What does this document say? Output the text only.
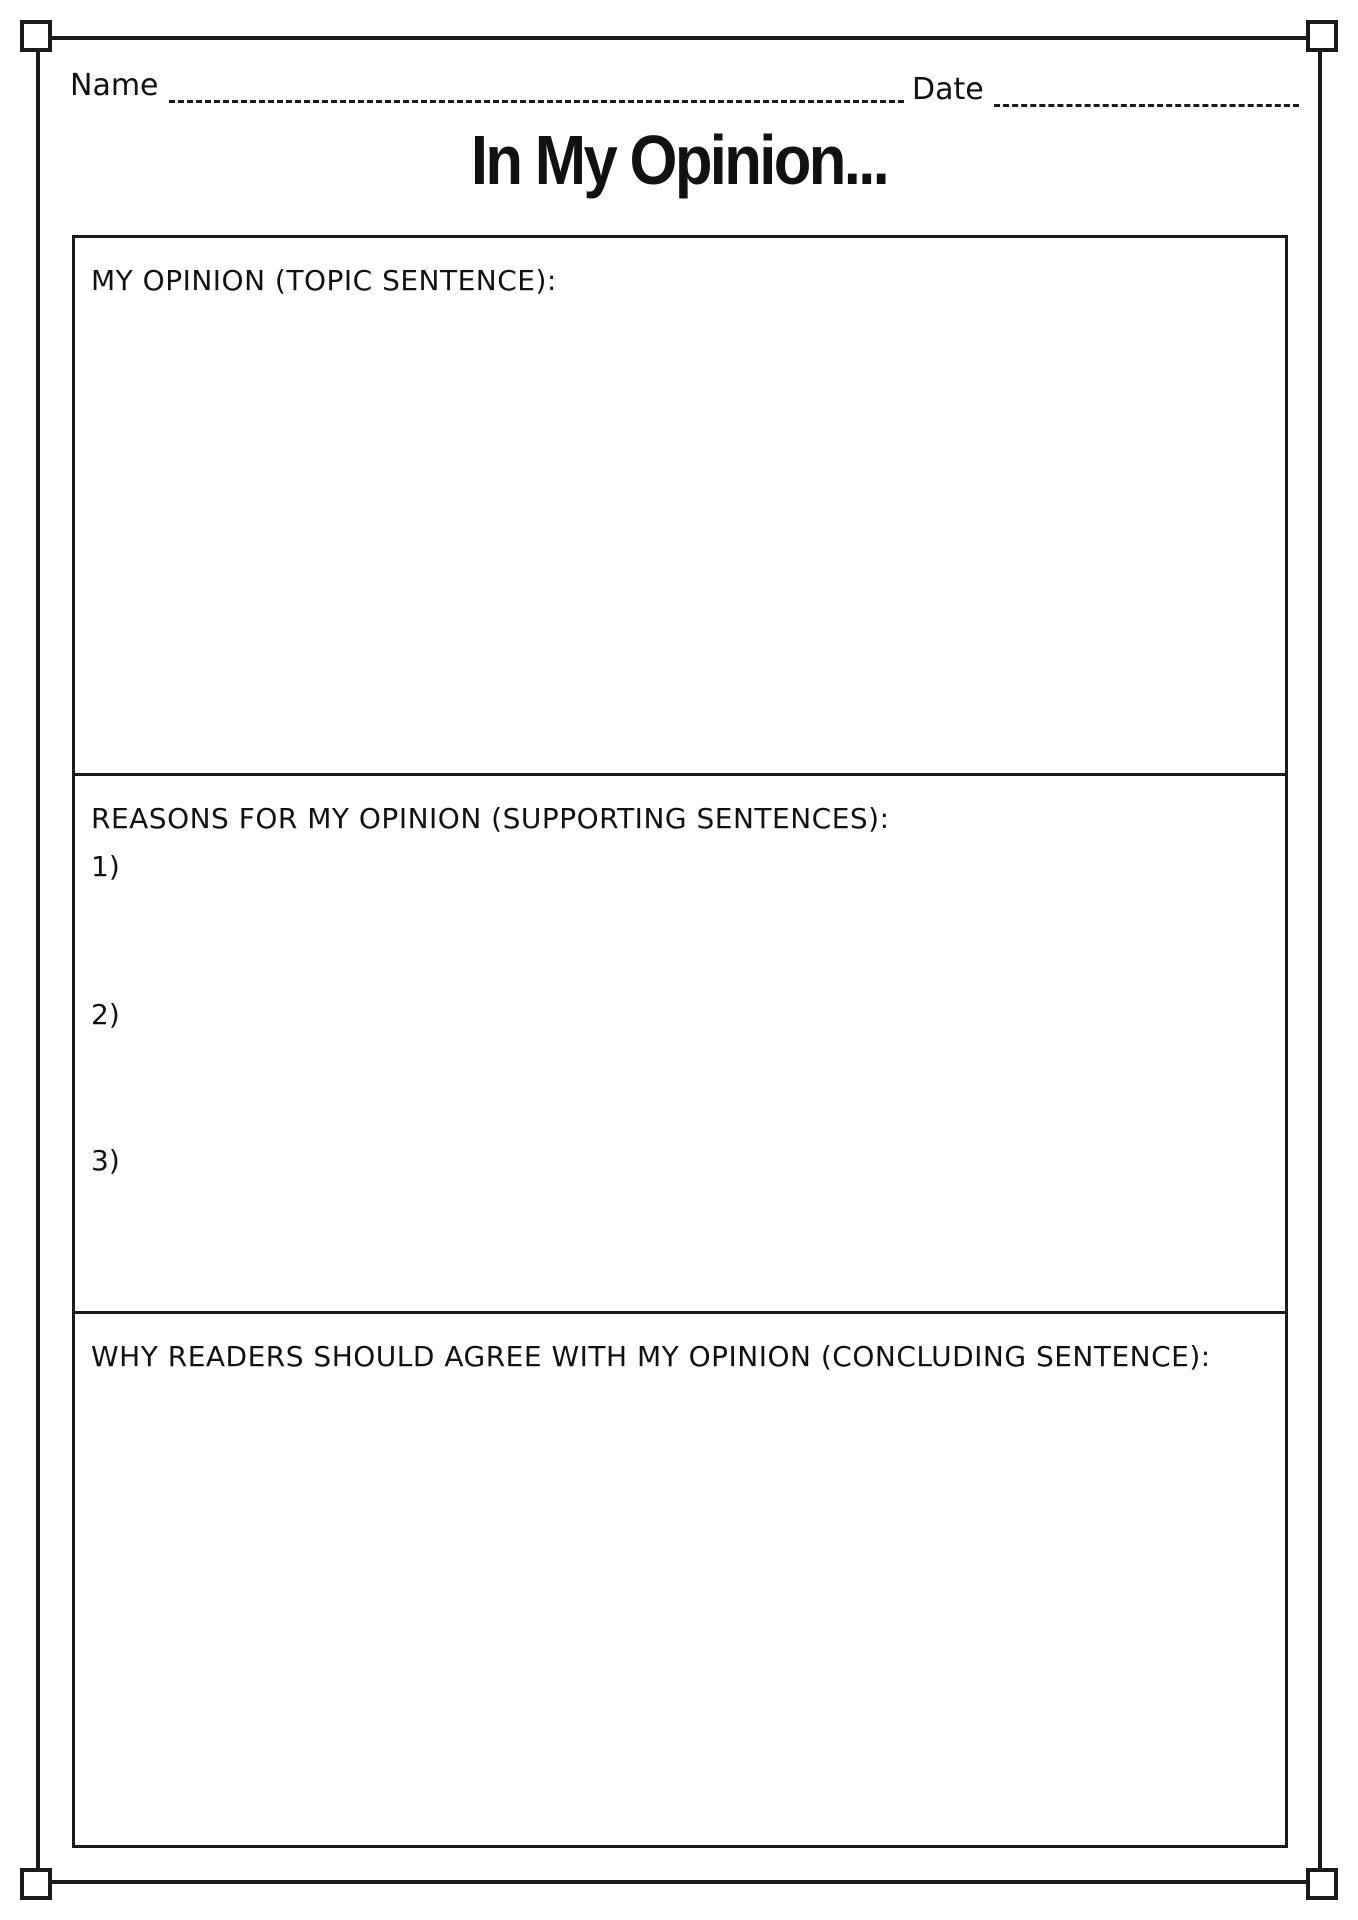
Name	Date
In My Opinion...
MY OPINION (TOPIC SENTENCE):
REASONS FOR MY OPINION (SUPPORTING SENTENCES):
1)
2)
3)
WHY READERS SHOULD AGREE WITH MY OPINION (CONCLUDING SENTENCE):
